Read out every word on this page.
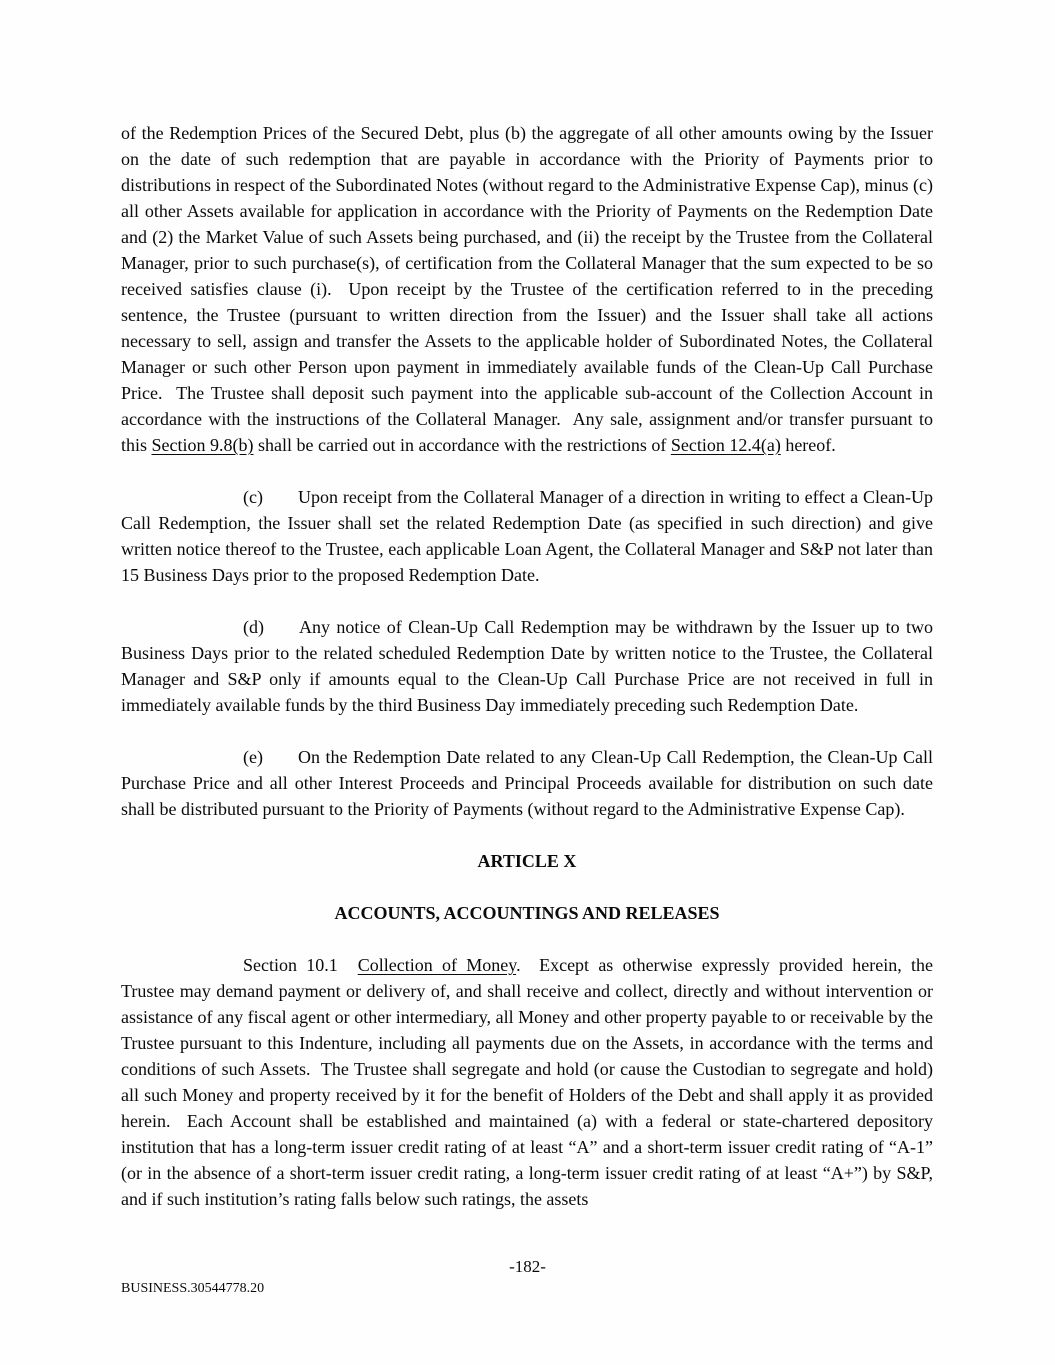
of the Redemption Prices of the Secured Debt, plus (b) the aggregate of all other amounts owing by the Issuer on the date of such redemption that are payable in accordance with the Priority of Payments prior to distributions in respect of the Subordinated Notes (without regard to the Administrative Expense Cap), minus (c) all other Assets available for application in accordance with the Priority of Payments on the Redemption Date and (2) the Market Value of such Assets being purchased, and (ii) the receipt by the Trustee from the Collateral Manager, prior to such purchase(s), of certification from the Collateral Manager that the sum expected to be so received satisfies clause (i).  Upon receipt by the Trustee of the certification referred to in the preceding sentence, the Trustee (pursuant to written direction from the Issuer) and the Issuer shall take all actions necessary to sell, assign and transfer the Assets to the applicable holder of Subordinated Notes, the Collateral Manager or such other Person upon payment in immediately available funds of the Clean-Up Call Purchase Price.  The Trustee shall deposit such payment into the applicable sub-account of the Collection Account in accordance with the instructions of the Collateral Manager.  Any sale, assignment and/or transfer pursuant to this Section 9.8(b) shall be carried out in accordance with the restrictions of Section 12.4(a) hereof.

(c) Upon receipt from the Collateral Manager of a direction in writing to effect a Clean-Up Call Redemption, the Issuer shall set the related Redemption Date (as specified in such direction) and give written notice thereof to the Trustee, each applicable Loan Agent, the Collateral Manager and S&P not later than 15 Business Days prior to the proposed Redemption Date.

(d) Any notice of Clean-Up Call Redemption may be withdrawn by the Issuer up to two Business Days prior to the related scheduled Redemption Date by written notice to the Trustee, the Collateral Manager and S&P only if amounts equal to the Clean-Up Call Purchase Price are not received in full in immediately available funds by the third Business Day immediately preceding such Redemption Date.

(e) On the Redemption Date related to any Clean-Up Call Redemption, the Clean-Up Call Purchase Price and all other Interest Proceeds and Principal Proceeds available for distribution on such date shall be distributed pursuant to the Priority of Payments (without regard to the Administrative Expense Cap).

ARTICLE X
ACCOUNTS, ACCOUNTINGS AND RELEASES

Section 10.1 Collection of Money.  Except as otherwise expressly provided herein, the Trustee may demand payment or delivery of, and shall receive and collect, directly and without intervention or assistance of any fiscal agent or other intermediary, all Money and other property payable to or receivable by the Trustee pursuant to this Indenture, including all payments due on the Assets, in accordance with the terms and conditions of such Assets.  The Trustee shall segregate and hold (or cause the Custodian to segregate and hold) all such Money and property received by it for the benefit of Holders of the Debt and shall apply it as provided herein.  Each Account shall be established and maintained (a) with a federal or state-chartered depository institution that has a long-term issuer credit rating of at least “A” and a short-term issuer credit rating of “A-1” (or in the absence of a short-term issuer credit rating, a long-term issuer credit rating of at least “A+”) by S&P, and if such institution’s rating falls below such ratings, the assets

-182-
BUSINESS.30544778.20
